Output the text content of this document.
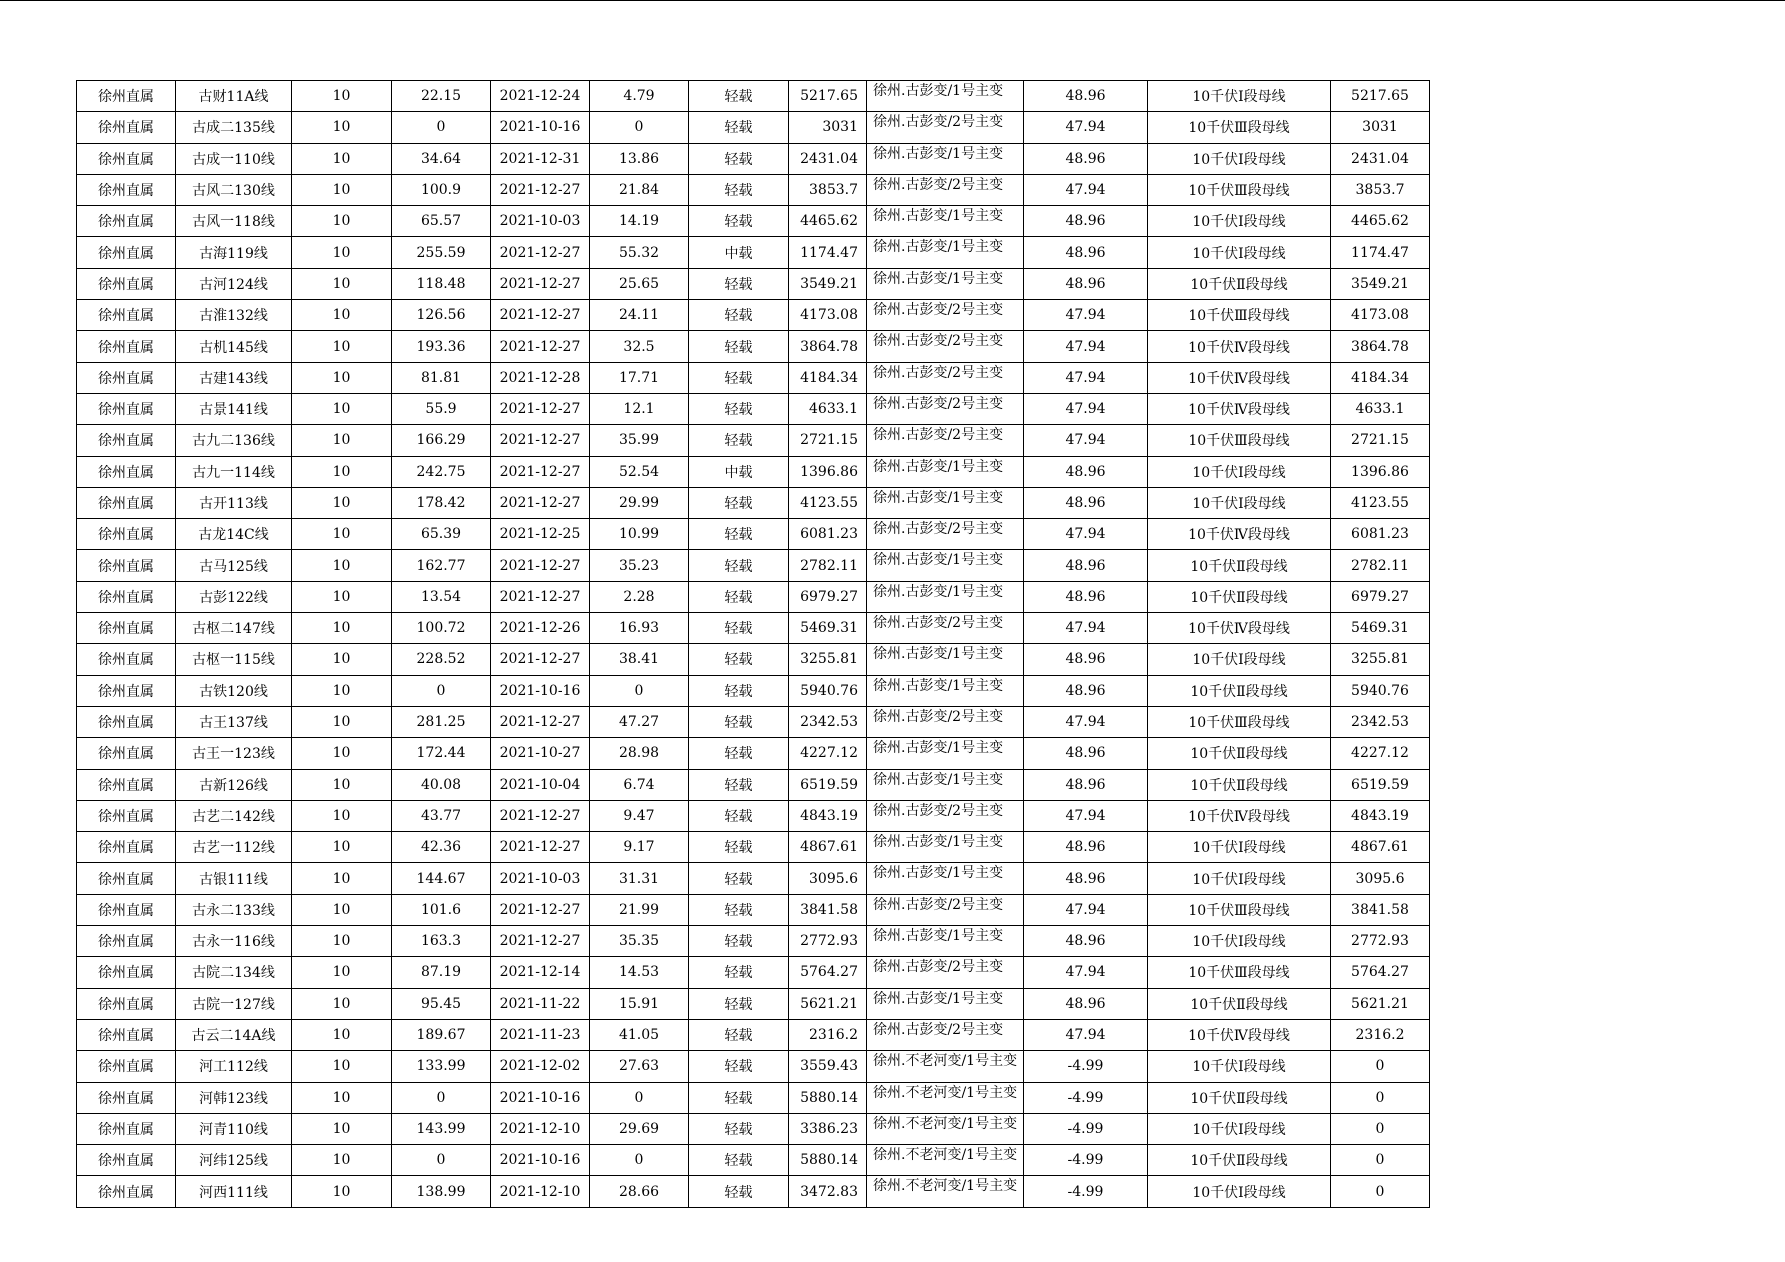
徐州直属	古财11A线	10	22.15	2021-12-24	4.79	轻载	5217.65	徐州.古彭变/1号主变	48.96	10千伏Ⅰ段母线	5217.65
徐州直属	古成二135线	10	0	2021-10-16	0	轻载	3031	徐州.古彭变/2号主变	47.94	10千伏Ⅲ段母线	3031
徐州直属	古成一110线	10	34.64	2021-12-31	13.86	轻载	2431.04	徐州.古彭变/1号主变	48.96	10千伏Ⅰ段母线	2431.04
徐州直属	古风二130线	10	100.9	2021-12-27	21.84	轻载	3853.7	徐州.古彭变/2号主变	47.94	10千伏Ⅲ段母线	3853.7
徐州直属	古风一118线	10	65.57	2021-10-03	14.19	轻载	4465.62	徐州.古彭变/1号主变	48.96	10千伏Ⅰ段母线	4465.62
徐州直属	古海119线	10	255.59	2021-12-27	55.32	中载	1174.47	徐州.古彭变/1号主变	48.96	10千伏Ⅰ段母线	1174.47
徐州直属	古河124线	10	118.48	2021-12-27	25.65	轻载	3549.21	徐州.古彭变/1号主变	48.96	10千伏Ⅱ段母线	3549.21
徐州直属	古淮132线	10	126.56	2021-12-27	24.11	轻载	4173.08	徐州.古彭变/2号主变	47.94	10千伏Ⅲ段母线	4173.08
徐州直属	古机145线	10	193.36	2021-12-27	32.5	轻载	3864.78	徐州.古彭变/2号主变	47.94	10千伏Ⅳ段母线	3864.78
徐州直属	古建143线	10	81.81	2021-12-28	17.71	轻载	4184.34	徐州.古彭变/2号主变	47.94	10千伏Ⅳ段母线	4184.34
徐州直属	古景141线	10	55.9	2021-12-27	12.1	轻载	4633.1	徐州.古彭变/2号主变	47.94	10千伏Ⅳ段母线	4633.1
徐州直属	古九二136线	10	166.29	2021-12-27	35.99	轻载	2721.15	徐州.古彭变/2号主变	47.94	10千伏Ⅲ段母线	2721.15
徐州直属	古九一114线	10	242.75	2021-12-27	52.54	中载	1396.86	徐州.古彭变/1号主变	48.96	10千伏Ⅰ段母线	1396.86
徐州直属	古开113线	10	178.42	2021-12-27	29.99	轻载	4123.55	徐州.古彭变/1号主变	48.96	10千伏Ⅰ段母线	4123.55
徐州直属	古龙14C线	10	65.39	2021-12-25	10.99	轻载	6081.23	徐州.古彭变/2号主变	47.94	10千伏Ⅳ段母线	6081.23
徐州直属	古马125线	10	162.77	2021-12-27	35.23	轻载	2782.11	徐州.古彭变/1号主变	48.96	10千伏Ⅱ段母线	2782.11
徐州直属	古彭122线	10	13.54	2021-12-27	2.28	轻载	6979.27	徐州.古彭变/1号主变	48.96	10千伏Ⅱ段母线	6979.27
徐州直属	古枢二147线	10	100.72	2021-12-26	16.93	轻载	5469.31	徐州.古彭变/2号主变	47.94	10千伏Ⅳ段母线	5469.31
徐州直属	古枢一115线	10	228.52	2021-12-27	38.41	轻载	3255.81	徐州.古彭变/1号主变	48.96	10千伏Ⅰ段母线	3255.81
徐州直属	古铁120线	10	0	2021-10-16	0	轻载	5940.76	徐州.古彭变/1号主变	48.96	10千伏Ⅱ段母线	5940.76
徐州直属	古王137线	10	281.25	2021-12-27	47.27	轻载	2342.53	徐州.古彭变/2号主变	47.94	10千伏Ⅲ段母线	2342.53
徐州直属	古王一123线	10	172.44	2021-10-27	28.98	轻载	4227.12	徐州.古彭变/1号主变	48.96	10千伏Ⅱ段母线	4227.12
徐州直属	古新126线	10	40.08	2021-10-04	6.74	轻载	6519.59	徐州.古彭变/1号主变	48.96	10千伏Ⅱ段母线	6519.59
徐州直属	古艺二142线	10	43.77	2021-12-27	9.47	轻载	4843.19	徐州.古彭变/2号主变	47.94	10千伏Ⅳ段母线	4843.19
徐州直属	古艺一112线	10	42.36	2021-12-27	9.17	轻载	4867.61	徐州.古彭变/1号主变	48.96	10千伏Ⅰ段母线	4867.61
徐州直属	古银111线	10	144.67	2021-10-03	31.31	轻载	3095.6	徐州.古彭变/1号主变	48.96	10千伏Ⅰ段母线	3095.6
徐州直属	古永二133线	10	101.6	2021-12-27	21.99	轻载	3841.58	徐州.古彭变/2号主变	47.94	10千伏Ⅲ段母线	3841.58
徐州直属	古永一116线	10	163.3	2021-12-27	35.35	轻载	2772.93	徐州.古彭变/1号主变	48.96	10千伏Ⅰ段母线	2772.93
徐州直属	古院二134线	10	87.19	2021-12-14	14.53	轻载	5764.27	徐州.古彭变/2号主变	47.94	10千伏Ⅲ段母线	5764.27
徐州直属	古院一127线	10	95.45	2021-11-22	15.91	轻载	5621.21	徐州.古彭变/1号主变	48.96	10千伏Ⅱ段母线	5621.21
徐州直属	古云二14A线	10	189.67	2021-11-23	41.05	轻载	2316.2	徐州.古彭变/2号主变	47.94	10千伏Ⅳ段母线	2316.2
徐州直属	河工112线	10	133.99	2021-12-02	27.63	轻载	3559.43	徐州.不老河变/1号主变	-4.99	10千伏Ⅰ段母线	0
徐州直属	河韩123线	10	0	2021-10-16	0	轻载	5880.14	徐州.不老河变/1号主变	-4.99	10千伏Ⅱ段母线	0
徐州直属	河青110线	10	143.99	2021-12-10	29.69	轻载	3386.23	徐州.不老河变/1号主变	-4.99	10千伏Ⅰ段母线	0
徐州直属	河纬125线	10	0	2021-10-16	0	轻载	5880.14	徐州.不老河变/1号主变	-4.99	10千伏Ⅱ段母线	0
徐州直属	河西111线	10	138.99	2021-12-10	28.66	轻载	3472.83	徐州.不老河变/1号主变	-4.99	10千伏Ⅰ段母线	0
